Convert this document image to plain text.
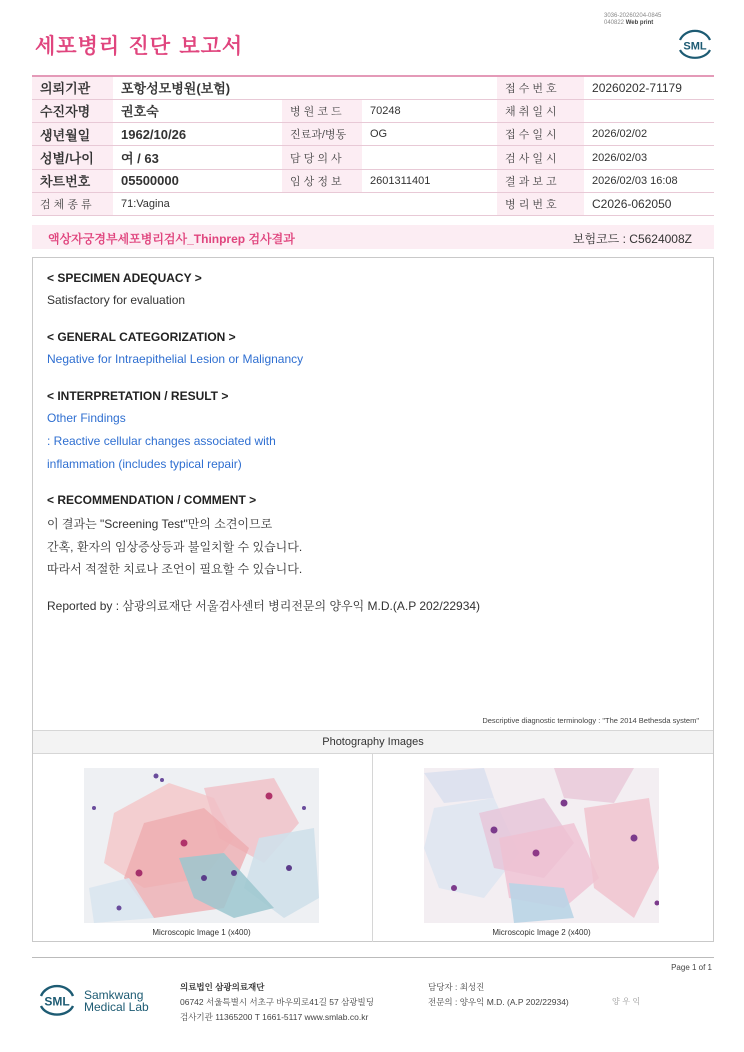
3036-20260204-0845
040822 Web print
세포병리 진단 보고서	SML
의뢰기관	포항성모병원(보험)			접 수 번 호	20260202-71179
수진자명	권호숙	병 원 코 드	70248	채 취 일 시	
생년월일	1962/10/26	진료과/병동	OG	접 수 일 시	2026/02/02
성별/나이	여 / 63	담 당 의 사		검 사 일 시	2026/02/03
차트번호	05500000	임 상 정 보	2601311401	결 과 보 고	2026/02/03 16:08
검 체 종 류	71:Vagina			병 리 번 호	C2026-062050
액상자궁경부세포병리검사_Thinprep 검사결과	보험코드 : C5624008Z
< SPECIMEN ADEQUACY >
Satisfactory for evaluation
< GENERAL CATEGORIZATION >
Negative for Intraepithelial Lesion or Malignancy
< INTERPRETATION / RESULT >
Other Findings
: Reactive cellular changes associated with
inflammation (includes typical repair)
< RECOMMENDATION / COMMENT >
이 결과는 "Screening Test"만의 소견이므로
간혹, 환자의 임상증상등과 불일치할 수 있습니다.
따라서 적절한 치료나 조언이 필요할 수 있습니다.
Reported by : 삼광의료재단 서울검사센터 병리전문의 양우익 M.D.(A.P 202/22934)
Descriptive diagnostic terminology : "The 2014 Bethesda system"
Photography Images
Microscopic Image 1 (x400)	Microscopic Image 2 (x400)
Page 1 of 1
SML Samkwang
Medical Lab
의료법인 삼광의료재단
06742 서울특별시 서초구 바우뫼로41길 57 삼광빌딩
검사기관 11365200 T 1661-5117 www.smlab.co.kr
담당자 : 최성진
전문의 : 양우익 M.D. (A.P 202/22934)	양 우 익
